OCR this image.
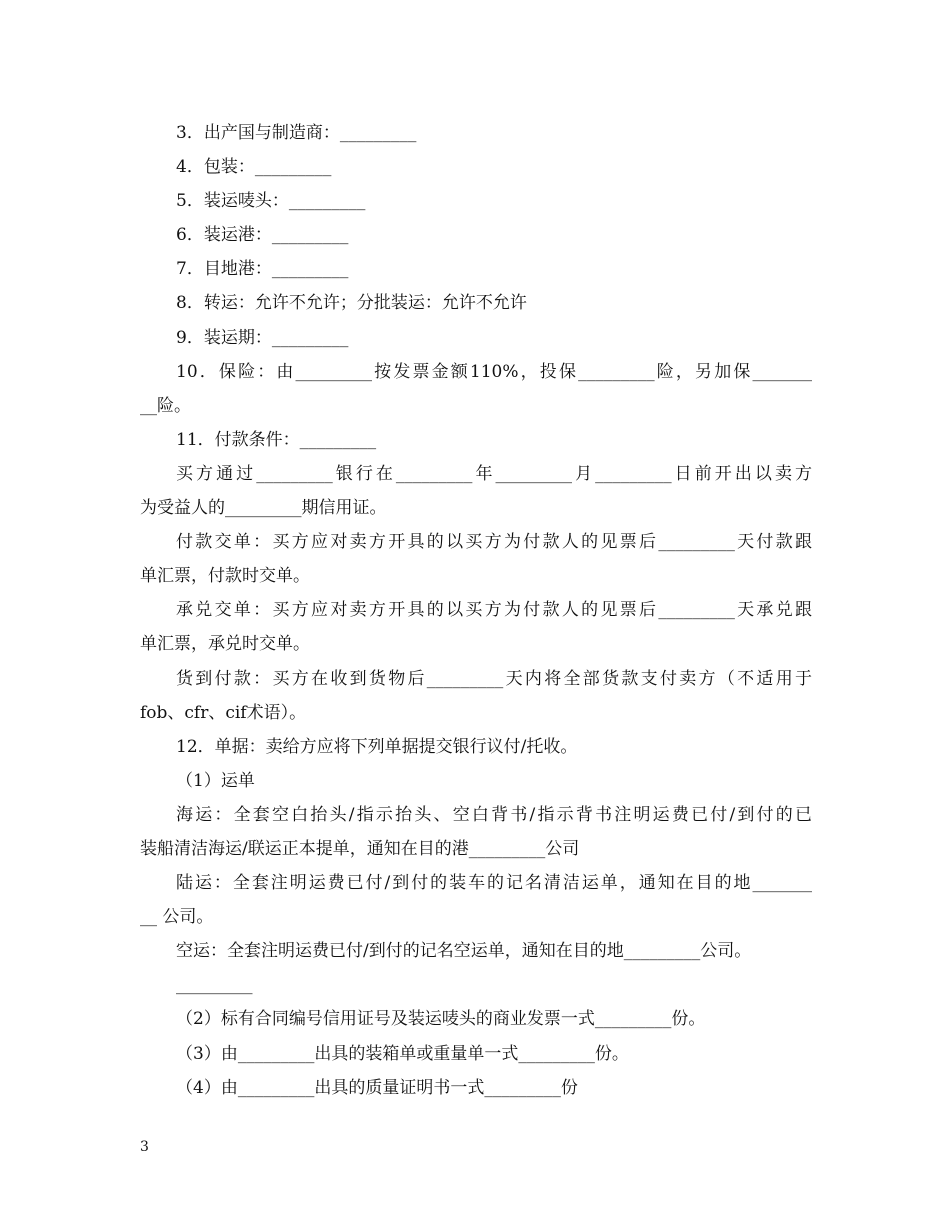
3．出产国与制造商：_________
4．包装：_________
5．装运唛头：_________
6．装运港：_________
7．目地港：_________
8．转运：允许不允许；分批装运：允许不允许
9．装运期：_________
10．保险：由_________按发票金额110%，投保_________险，另加保_______
__险。
11．付款条件：_________
买方通过_________银行在_________年_________月_________日前开出以卖方
为受益人的_________期信用证。
付款交单：买方应对卖方开具的以买方为付款人的见票后_________天付款跟
单汇票，付款时交单。
承兑交单：买方应对卖方开具的以买方为付款人的见票后_________天承兑跟
单汇票，承兑时交单。
货到付款：买方在收到货物后_________天内将全部货款支付卖方（不适用于
fob、cfr、cif术语）。
12．单据：卖给方应将下列单据提交银行议付/托收。
（1）运单
海运：全套空白抬头/指示抬头、空白背书/指示背书注明运费已付/到付的已
装船清洁海运/联运正本提单，通知在目的港_________公司
陆运：全套注明运费已付/到付的装车的记名清洁运单，通知在目的地_______
__ 公司。
空运：全套注明运费已付/到付的记名空运单，通知在目的地_________公司。
_________
（2）标有合同编号信用证号及装运唛头的商业发票一式_________份。
（3）由_________出具的装箱单或重量单一式_________份。
（4）由_________出具的质量证明书一式_________份
3
